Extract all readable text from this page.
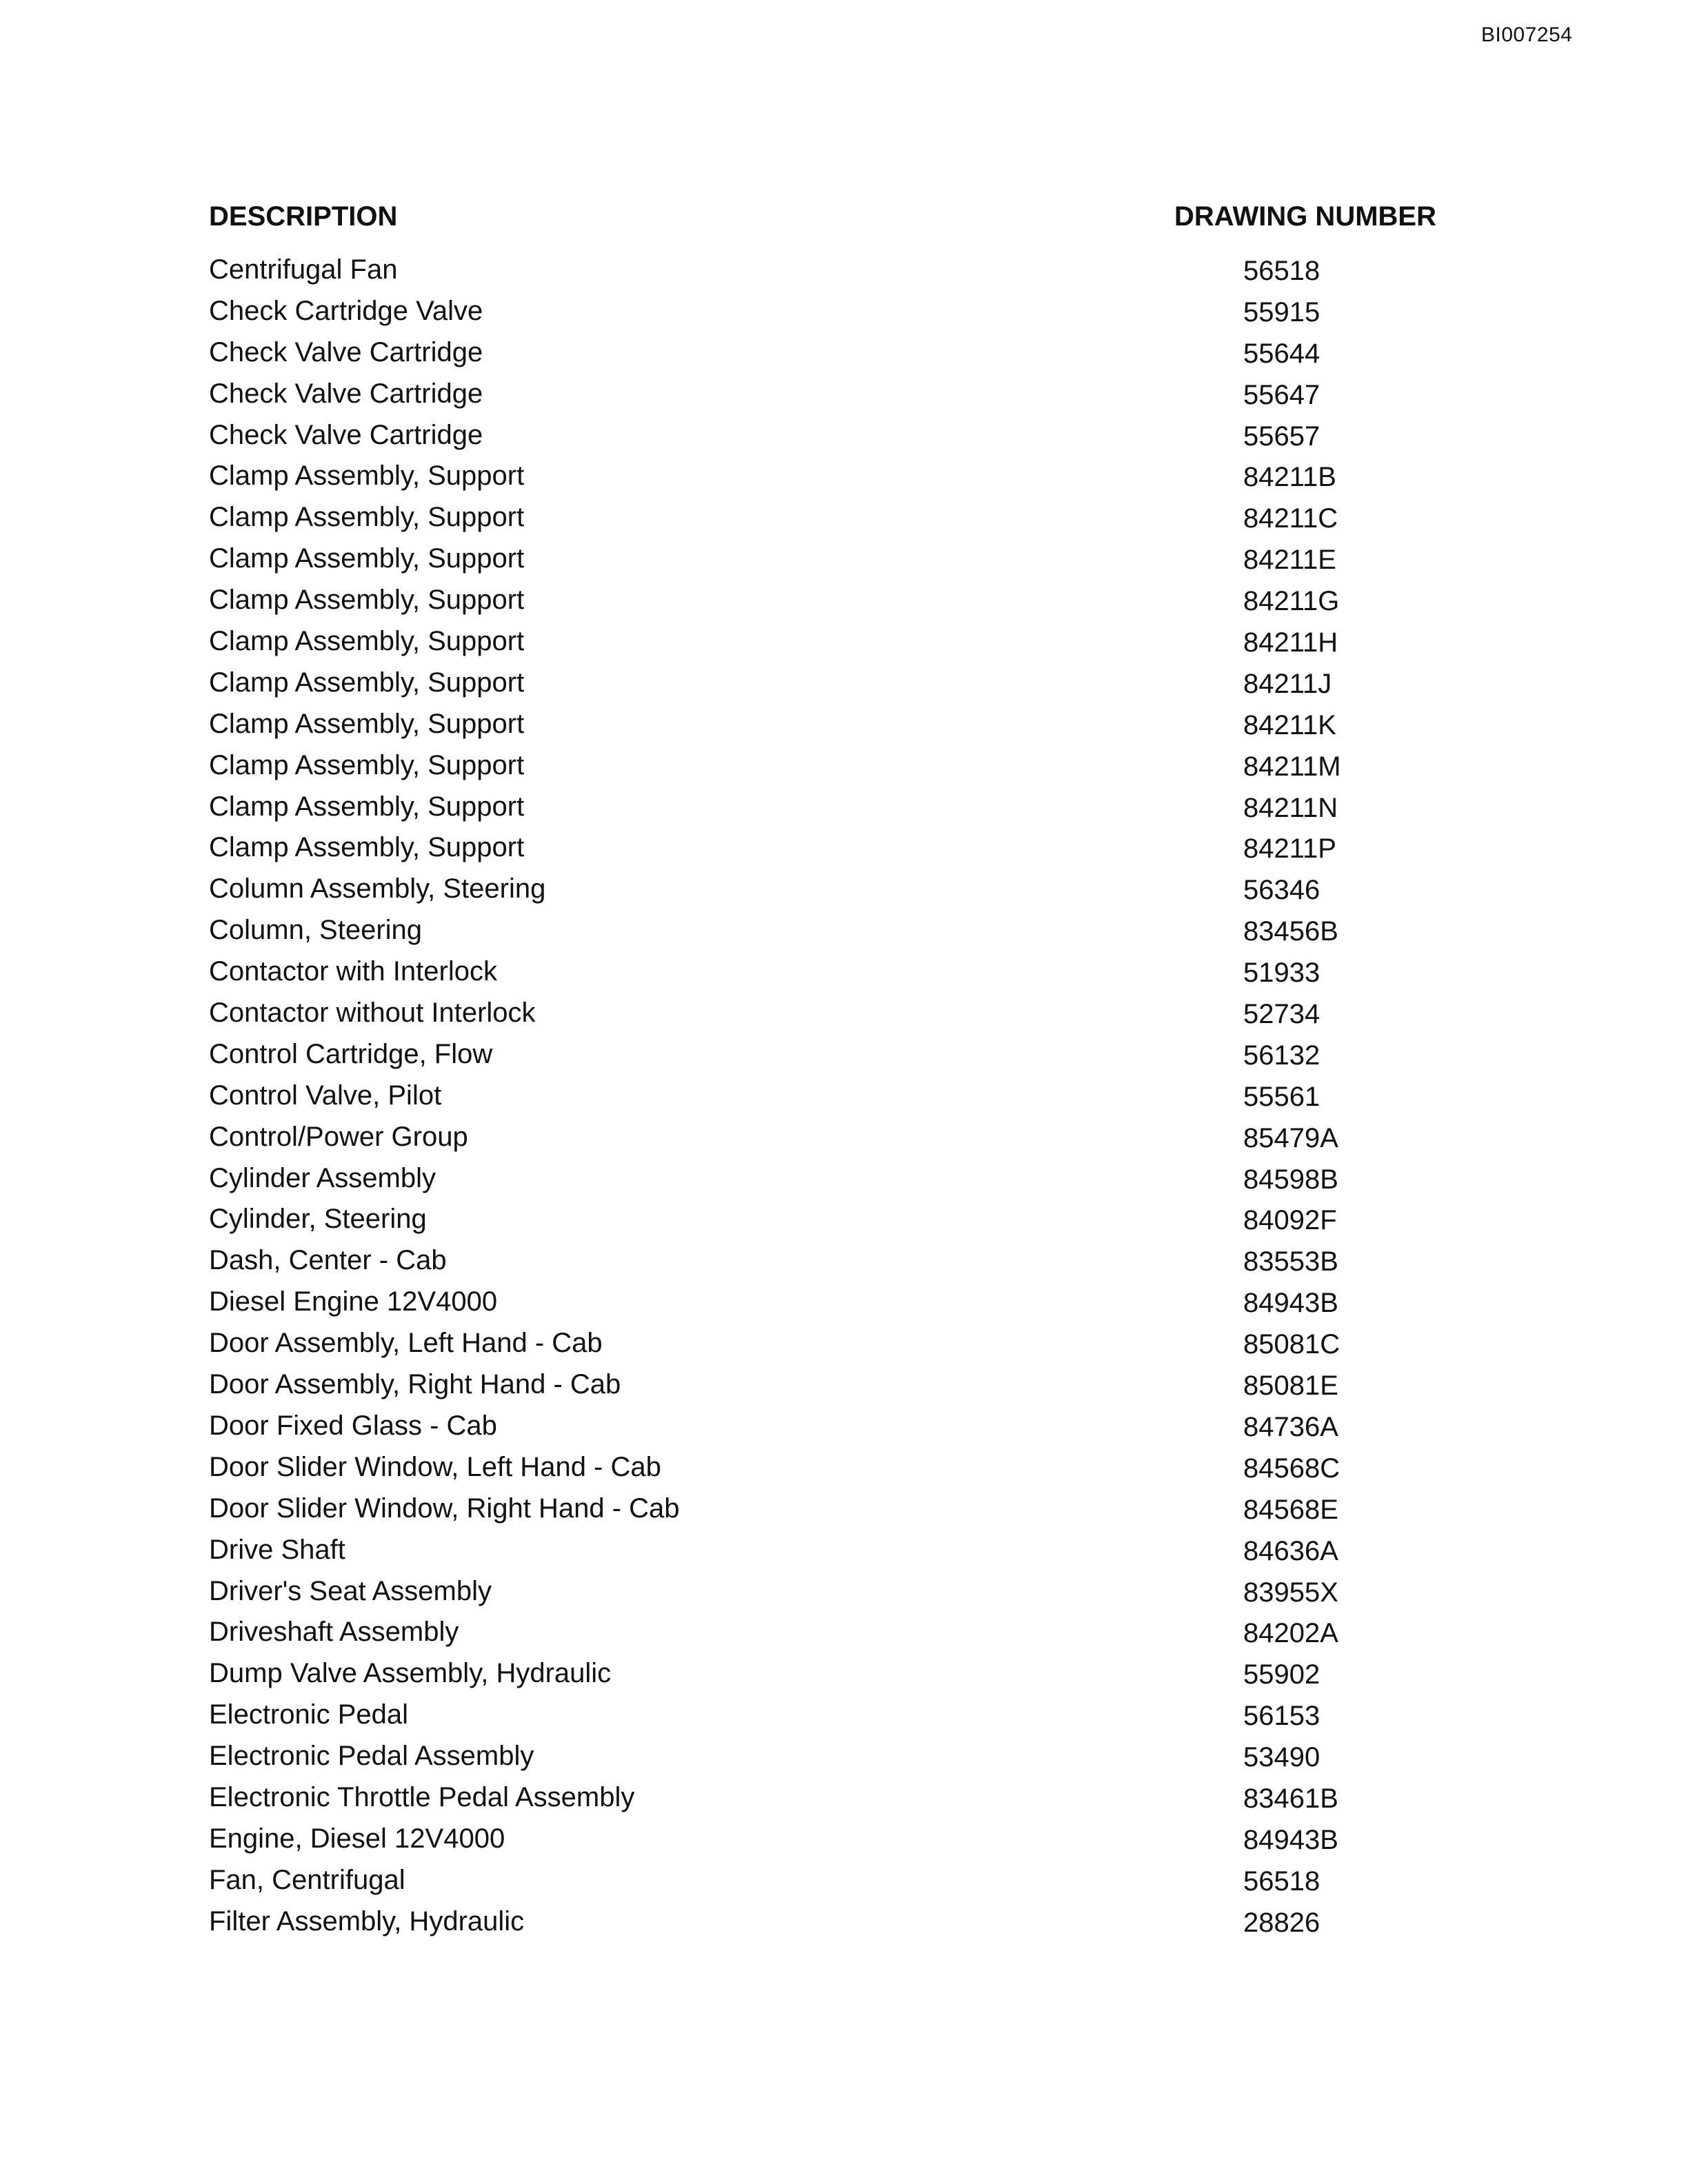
BI007254
DESCRIPTION	DRAWING NUMBER
Centrifugal Fan	56518
Check Cartridge Valve	55915
Check Valve Cartridge	55644
Check Valve Cartridge	55647
Check Valve Cartridge	55657
Clamp Assembly, Support	84211B
Clamp Assembly, Support	84211C
Clamp Assembly, Support	84211E
Clamp Assembly, Support	84211G
Clamp Assembly, Support	84211H
Clamp Assembly, Support	84211J
Clamp Assembly, Support	84211K
Clamp Assembly, Support	84211M
Clamp Assembly, Support	84211N
Clamp Assembly, Support	84211P
Column Assembly, Steering	56346
Column, Steering	83456B
Contactor with Interlock	51933
Contactor without Interlock	52734
Control Cartridge, Flow	56132
Control Valve, Pilot	55561
Control/Power Group	85479A
Cylinder Assembly	84598B
Cylinder, Steering	84092F
Dash, Center - Cab	83553B
Diesel Engine 12V4000	84943B
Door Assembly, Left Hand - Cab	85081C
Door Assembly, Right Hand - Cab	85081E
Door Fixed Glass - Cab	84736A
Door Slider Window, Left Hand - Cab	84568C
Door Slider Window, Right Hand - Cab	84568E
Drive Shaft	84636A
Driver's Seat Assembly	83955X
Driveshaft Assembly	84202A
Dump Valve Assembly, Hydraulic	55902
Electronic Pedal	56153
Electronic Pedal Assembly	53490
Electronic Throttle Pedal Assembly	83461B
Engine, Diesel 12V4000	84943B
Fan, Centrifugal	56518
Filter Assembly, Hydraulic	28826
